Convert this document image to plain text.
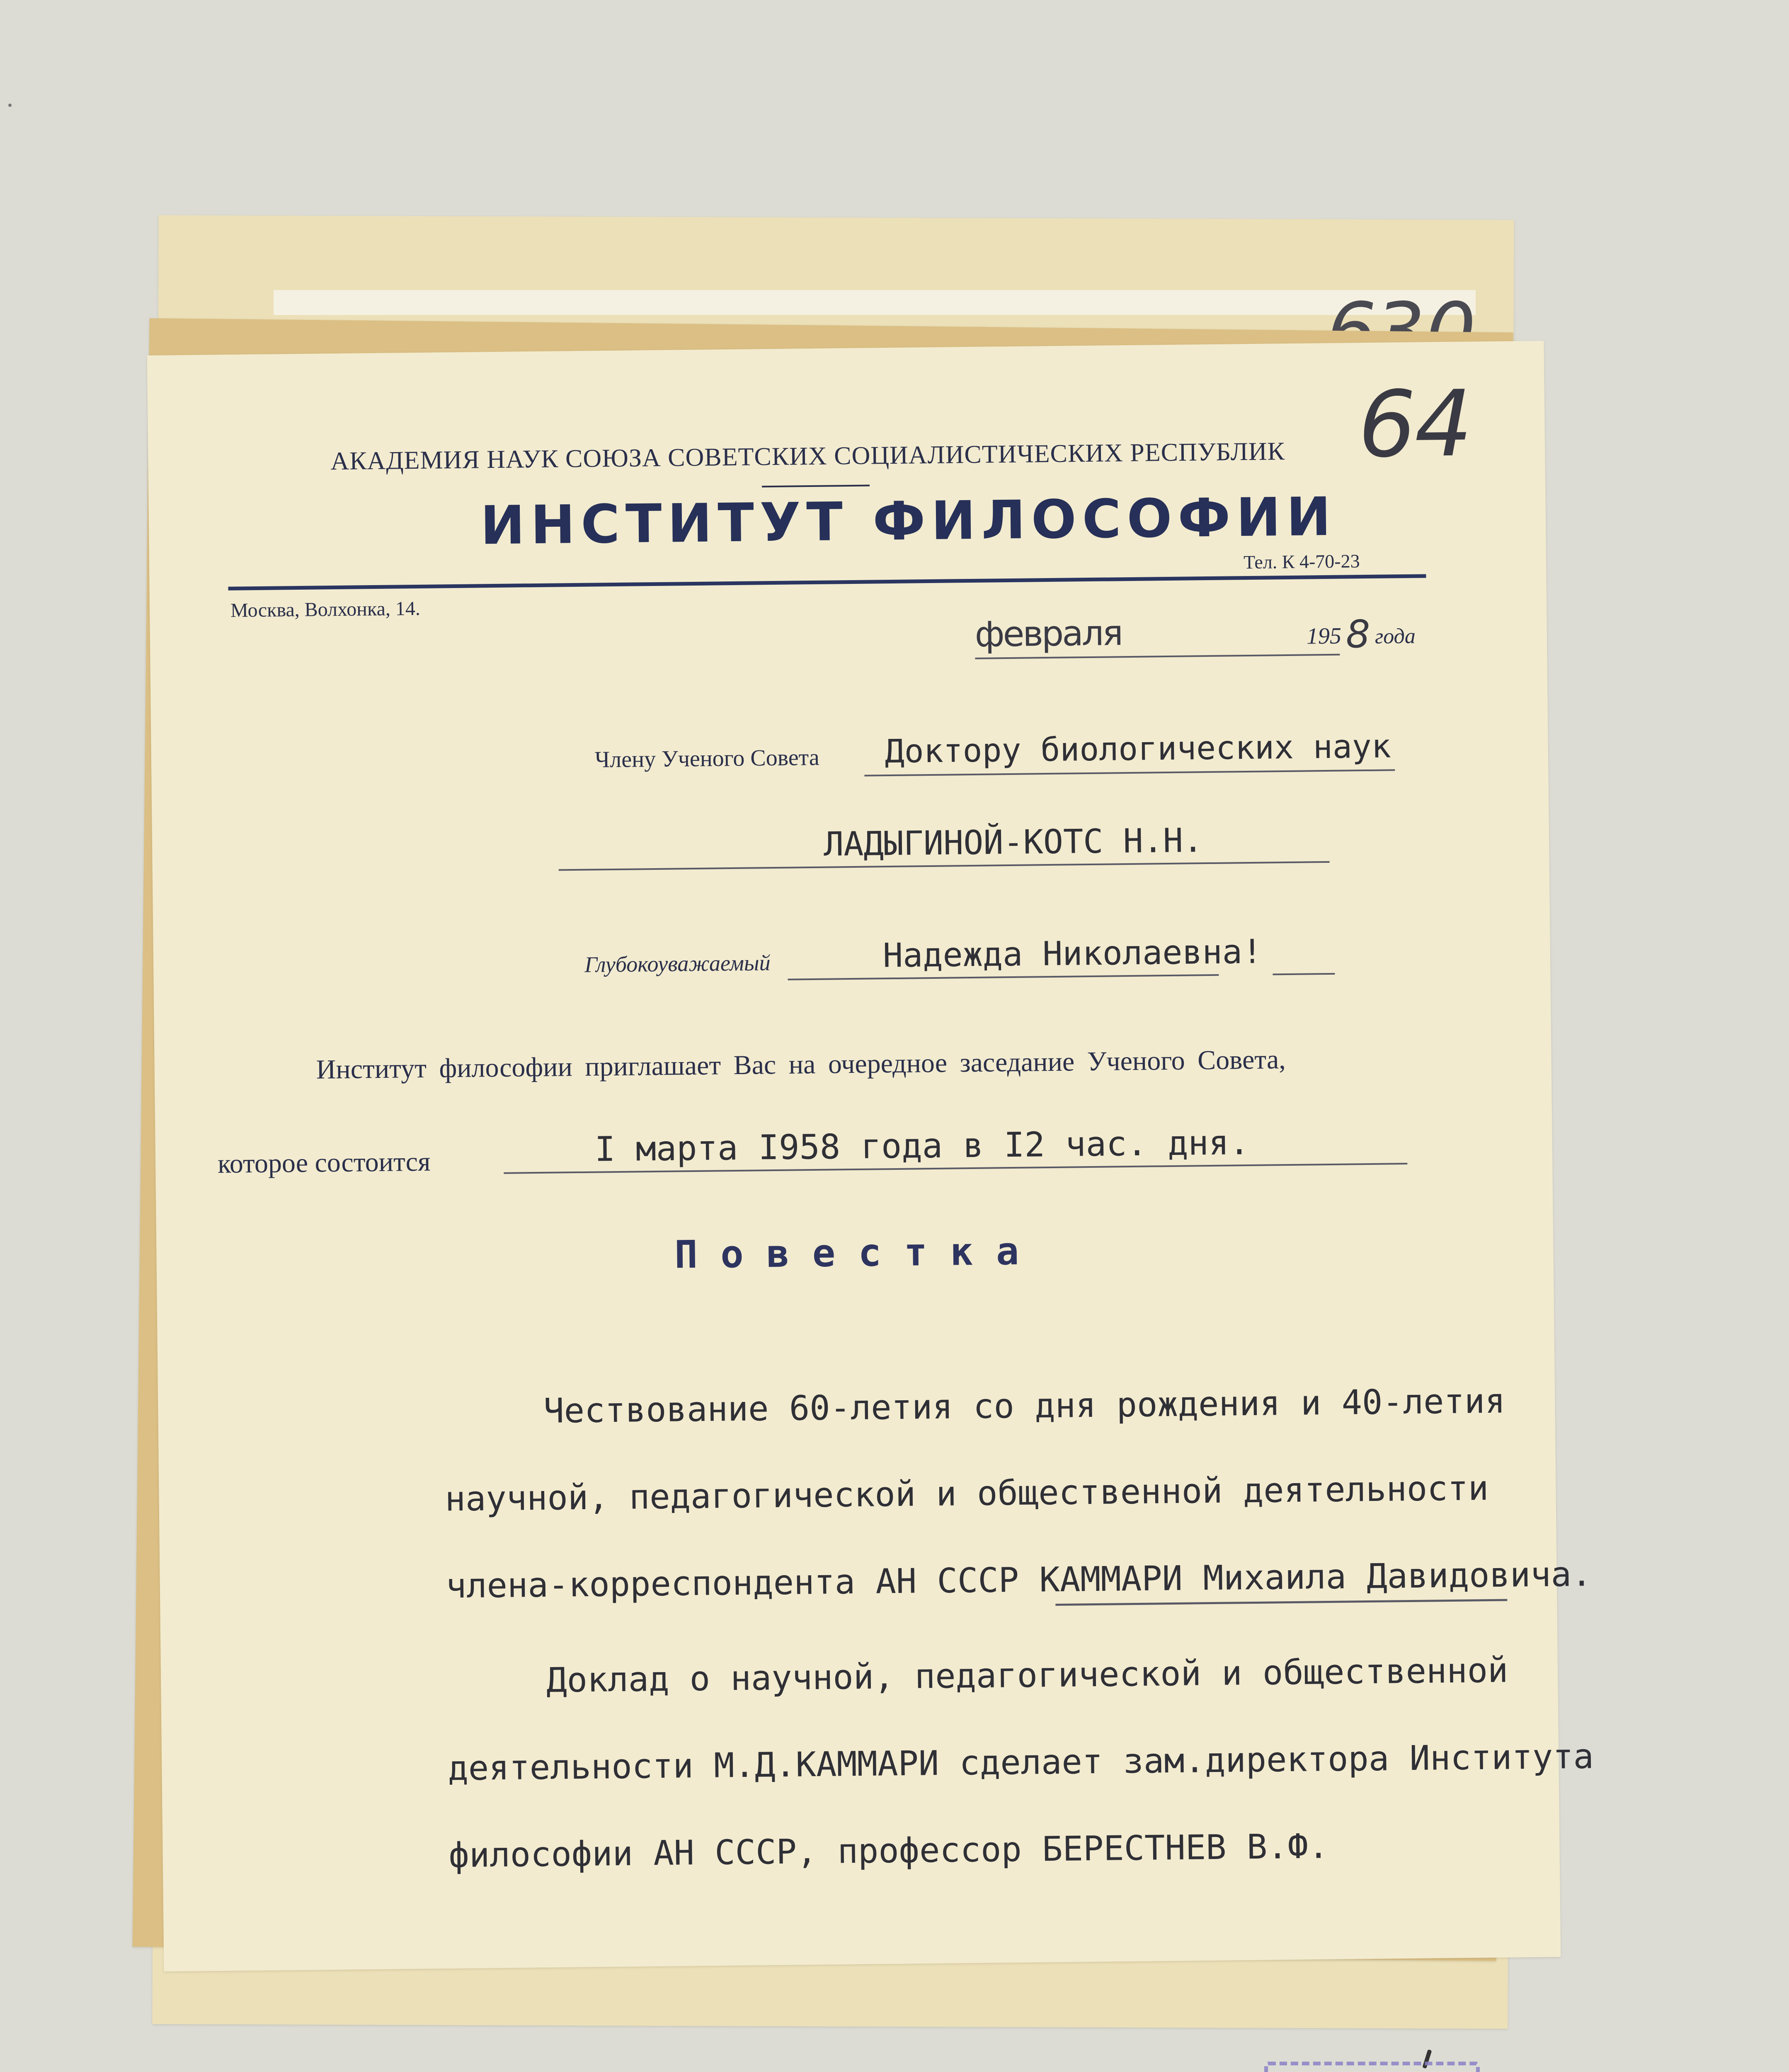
64
АКАДЕМИЯ НАУК СОЮЗА СОВЕТСКИХ СОЦИАЛИСТИЧЕСКИХ РЕСПУБЛИК
ИНСТИТУТ ФИЛОСОФИИ
Тел. К 4-70-23
Москва, Волхонка, 14.
февраля	195 8 года
Члену Ученого Совета Доктору биологических наук
ЛАДЫГИНОЙ-КОТС Н.Н.
Глубокоуважаемый	Надежда Николаевна!
Институт философии приглашает Вас на очередное заседание Ученого Совета,
которое состоится	I марта I958 года в I2 час. дня.
П о в е с т к а
Чествование 60-летия со дня рождения и 40-летия
научной, педагогической и общественной деятельности
члена-корреспондента АН СССР КАММАРИ Михаила Давидовича.
Доклад о научной, педагогической и общественной
деятельности М.Д.КАММАРИ сделает зам.директора Института
философии АН СССР, профессор БЕРЕСТНЕВ В.Ф.
